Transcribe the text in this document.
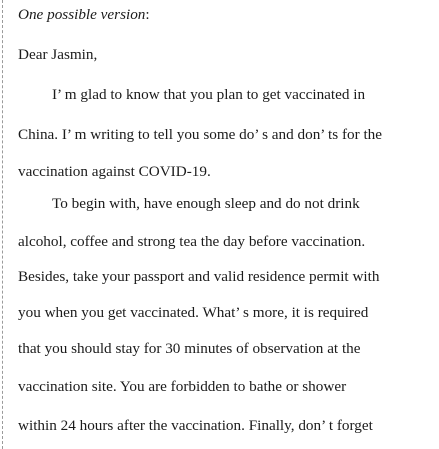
One possible version:
Dear Jasmin,
I’ m glad to know that you plan to get vaccinated in
China. I’ m writing to tell you some do’ s and don’ ts for the
vaccination against COVID-19.
To begin with, have enough sleep and do not drink
alcohol, coffee and strong tea the day before vaccination.
Besides, take your passport and valid residence permit with
you when you get vaccinated. What’ s more, it is required
that you should stay for 30 minutes of observation at the
vaccination site. You are forbidden to bathe or shower
within 24 hours after the vaccination. Finally, don’ t forget
